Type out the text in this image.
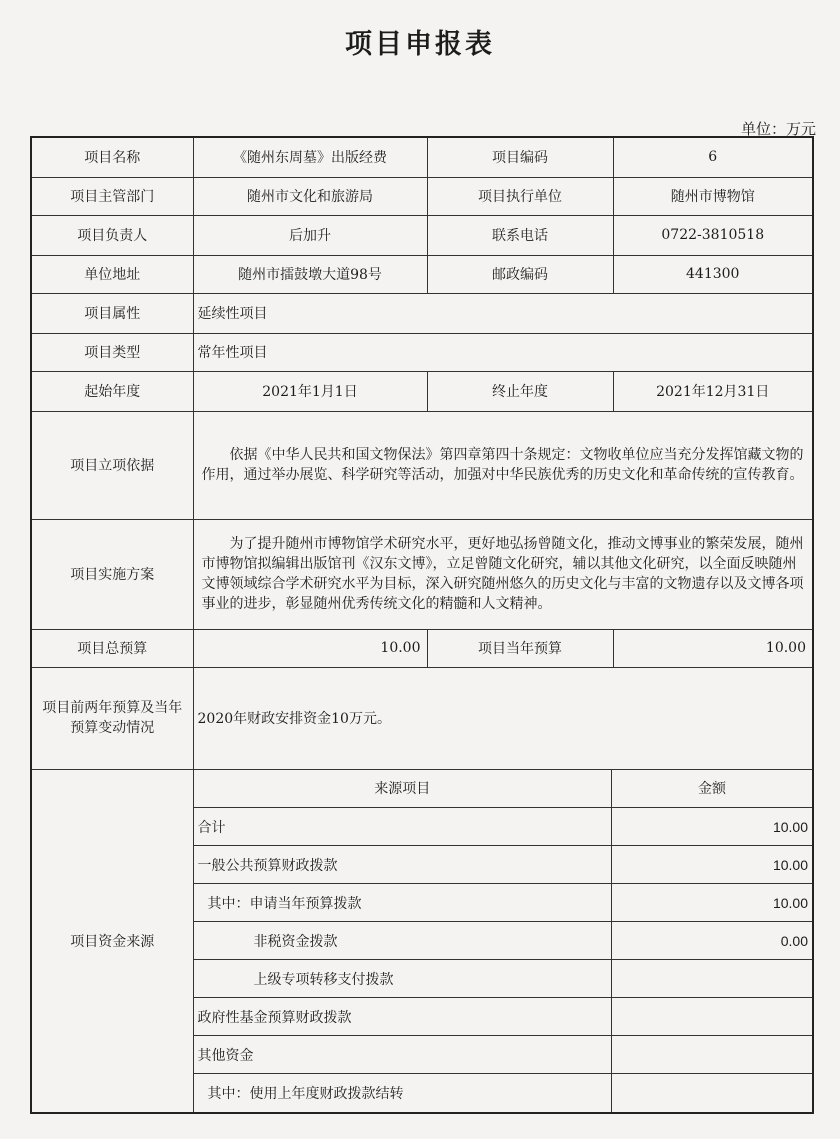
项目申报表
单位：万元
项目名称	《随州东周墓》出版经费	项目编码	6
项目主管部门	随州市文化和旅游局	项目执行单位	随州市博物馆
项目负责人	后加升	联系电话	0722-3810518
单位地址	随州市擂鼓墩大道98号	邮政编码	441300
项目属性	延续性项目
项目类型	常年性项目
起始年度	2021年1月1日	终止年度	2021年12月31日
项目立项依据	依据《中华人民共和国文物保法》第四章第四十条规定：文物收单位应当充分发挥馆藏文物的作用，通过举办展览、科学研究等活动，加强对中华民族优秀的历史文化和革命传统的宣传教育。
项目实施方案	为了提升随州市博物馆学术研究水平，更好地弘扬曾随文化，推动文博事业的繁荣发展，随州市博物馆拟编辑出版馆刊《汉东文博》，立足曾随文化研究，辅以其他文化研究，以全面反映随州文博领域综合学术研究水平为目标，深入研究随州悠久的历史文化与丰富的文物遗存以及文博各项事业的进步，彰显随州优秀传统文化的精髓和人文精神。
项目总预算	10.00	项目当年预算	10.00
项目前两年预算及当年预算变动情况	2020年财政安排资金10万元。
项目资金来源	
来源项目	金额
合计	10.00
一般公共预算财政拨款	10.00
其中：申请当年预算拨款	10.00
非税资金拨款	0.00
上级专项转移支付拨款	
政府性基金预算财政拨款	
其他资金	
其中：使用上年度财政拨款结转	
